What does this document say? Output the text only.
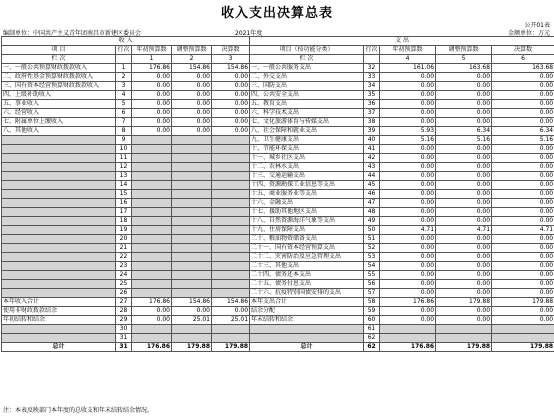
收入支出决算总表
公开01表
编制单位：中国共产主义青年团南昌市新建区委员会	2021年度	金额单位：万元
收 入					支 出				
项 目	行次	年初预算数	调整预算数	决算数	项目（按功能分类）	行次	年初预算数	调整预算数	决算数
栏 次		1	2	3	栏 次		4	5	6
一、一般公共预算财政拨款收入	1	176.86	154.86	154.86	一、一般公共服务支出	32	161.06	163.68	163.68
二、政府性基金预算财政拨款收入	2	0.00	0.00	0.00	二、外交支出	33	0.00	0.00	0.00
三、国有资本经营预算财政拨款收入	3	0.00	0.00	0.00	三、国防支出	34	0.00	0.00	0.00
四、上级补助收入	4	0.00	0.00	0.00	四、公共安全支出	35	0.00	0.00	0.00
五、事业收入	5	0.00	0.00	0.00	五、教育支出	36	0.00	0.00	0.00
六、经营收入	6	0.00	0.00	0.00	六、科学技术支出	37	0.00	0.00	0.00
七、附属单位上缴收入	7	0.00	0.00	0.00	七、文化旅游体育与传媒支出	38	0.00	0.00	0.00
八、其他收入	8	0.00	0.00	0.00	八、社会保障和就业支出	39	5.93	6.34	6.34
	9				九、卫生健康支出	40	5.16	5.16	5.16
	10				十、节能环保支出	41	0.00	0.00	0.00
	11				十一、城乡社区支出	42	0.00	0.00	0.00
	12				十二、农林水支出	43	0.00	0.00	0.00
	13				十三、交通运输支出	44	0.00	0.00	0.00
	14				十四、资源勘探工业信息等支出	45	0.00	0.00	0.00
	15				十五、商业服务业等支出	46	0.00	0.00	0.00
	16				十六、金融支出	47	0.00	0.00	0.00
	17				十七、援助其他地区支出	48	0.00	0.00	0.00
	18				十八、自然资源海洋气象等支出	49	0.00	0.00	0.00
	19				十九、住房保障支出	50	4.71	4.71	4.71
	20				二十、粮油物资储备支出	51	0.00	0.00	0.00
	21				二十一、国有资本经营预算支出	52	0.00	0.00	0.00
	22				二十二、灾害防治及应急管理支出	53	0.00	0.00	0.00
	23				二十三、其他支出	54	0.00	0.00	0.00
	24				二十四、债务还本支出	55	0.00	0.00	0.00
	25				二十五、债务付息支出	56	0.00	0.00	0.00
	26				二十六、抗疫特别国债安排的支出	57	0.00	0.00	0.00
本年收入合计	27	176.86	154.86	154.86	本年支出合计	58	176.86	179.88	179.88
使用非财政拨款结余	28	0.00	0.00	0.00	结余分配	59	0.00	0.00	0.00
年初结转和结余	29	0.00	25.01	25.01	年末结转和结余	60	0.00	0.00	0.00
	30					61			
	31					62			
总计	31	176.86	179.88	179.88	总计	62	176.86	179.88	179.88
注：本表反映部门本年度的总收支和年末结转结余情况。
